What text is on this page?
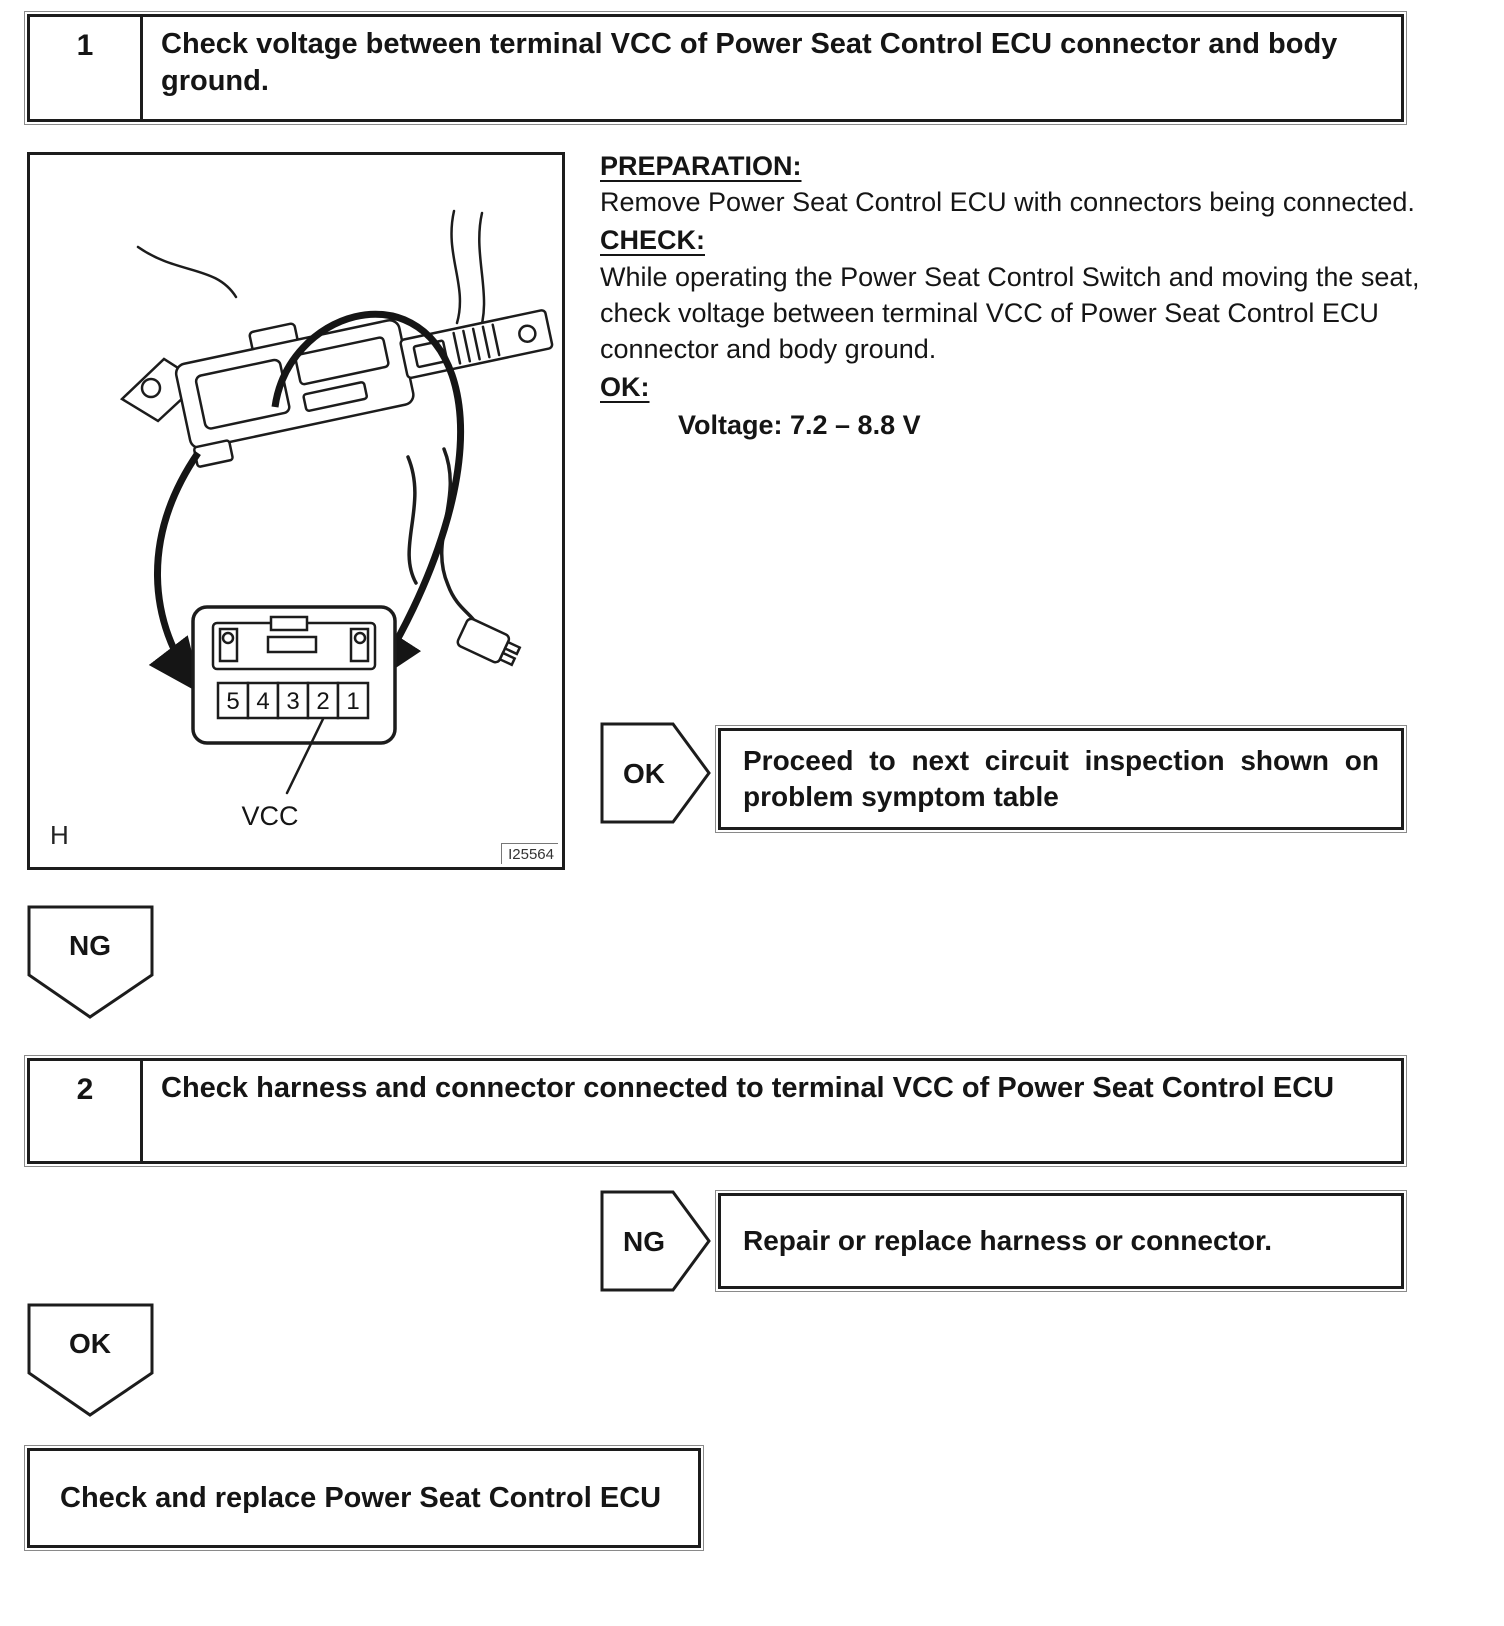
1	Check voltage between terminal VCC of Power Seat Control ECU connector and body ground.
5 4 3 2 1
VCC
H
I25564
PREPARATION:
Remove Power Seat Control ECU with connectors being connected.
CHECK:
While operating the Power Seat Control Switch and moving the seat, check voltage between terminal VCC of Power Seat Control ECU connector and body ground.
OK:
Voltage: 7.2 – 8.8 V
OK	Proceed to next circuit inspection shown on problem symptom table
NG
2	Check harness and connector connected to terminal VCC of Power Seat Control ECU
NG	Repair or replace harness or connector.
OK
Check and replace Power Seat Control ECU
